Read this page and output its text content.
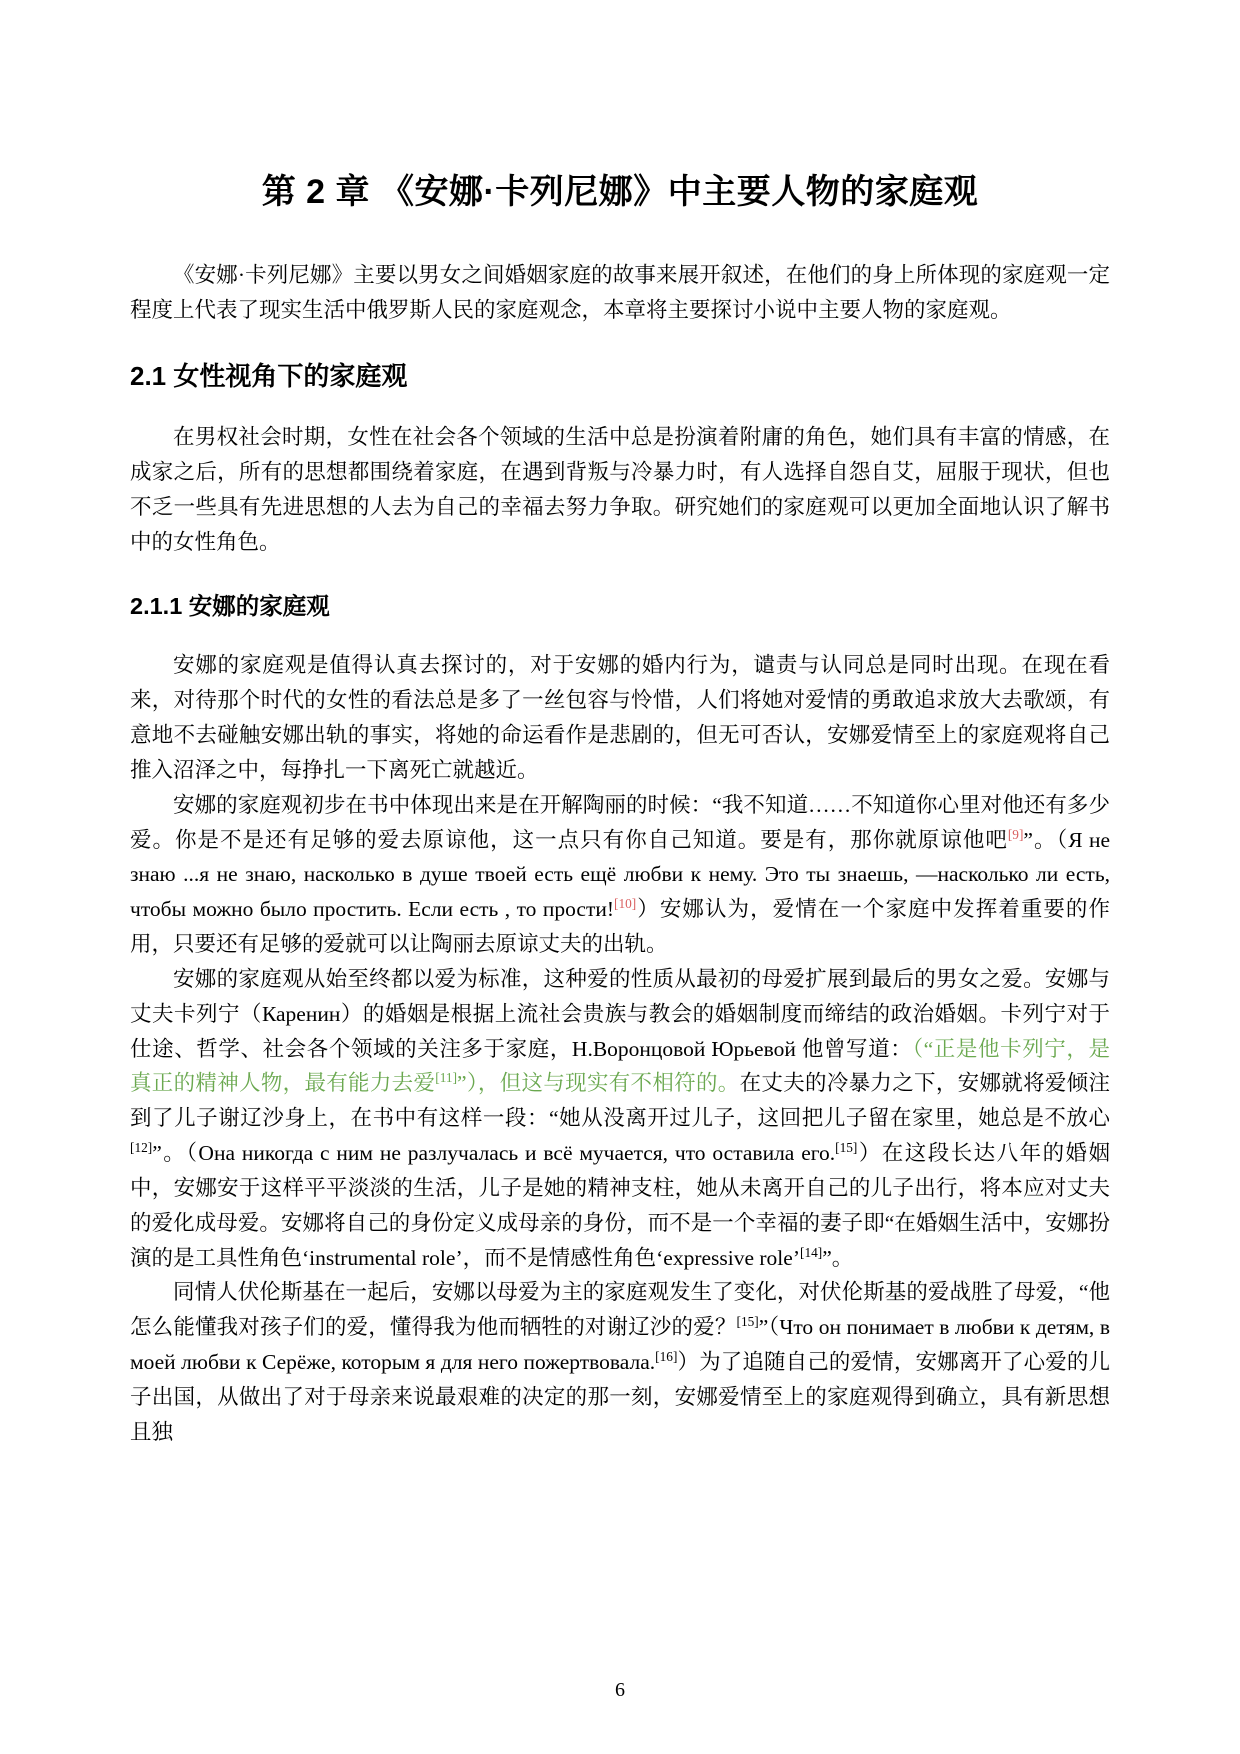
第 2 章 《安娜·卡列尼娜》中主要人物的家庭观

《安娜·卡列尼娜》主要以男女之间婚姻家庭的故事来展开叙述，在他们的身上所体现的家庭观一定程度上代表了现实生活中俄罗斯人民的家庭观念，本章将主要探讨小说中主要人物的家庭观。

2.1 女性视角下的家庭观

在男权社会时期，女性在社会各个领域的生活中总是扮演着附庸的角色，她们具有丰富的情感，在成家之后，所有的思想都围绕着家庭，在遇到背叛与冷暴力时，有人选择自怨自艾，屈服于现状，但也不乏一些具有先进思想的人去为自己的幸福去努力争取。研究她们的家庭观可以更加全面地认识了解书中的女性角色。

2.1.1 安娜的家庭观

安娜的家庭观是值得认真去探讨的，对于安娜的婚内行为，谴责与认同总是同时出现。在现在看来，对待那个时代的女性的看法总是多了一丝包容与怜惜，人们将她对爱情的勇敢追求放大去歌颂，有意地不去碰触安娜出轨的事实，将她的命运看作是悲剧的，但无可否认，安娜爱情至上的家庭观将自己推入沼泽之中，每挣扎一下离死亡就越近。

安娜的家庭观初步在书中体现出来是在开解陶丽的时候：“我不知道……不知道你心里对他还有多少爱。你是不是还有足够的爱去原谅他，这一点只有你自己知道。要是有，那你就原谅他吧[9]”。（Я не знаю ...я не знаю, насколько в душе твоей есть ещё любви к нему. Это ты знаешь, —насколько ли есть, чтобы можно было простить. Если есть , то прости![10]）安娜认为，爱情在一个家庭中发挥着重要的作用，只要还有足够的爱就可以让陶丽去原谅丈夫的出轨。

安娜的家庭观从始至终都以爱为标准，这种爱的性质从最初的母爱扩展到最后的男女之爱。安娜与丈夫卡列宁（Каренин）的婚姻是根据上流社会贵族与教会的婚姻制度而缔结的政治婚姻。卡列宁对于仕途、哲学、社会各个领域的关注多于家庭，Н.Воронцовой Юрьевой 他曾写道：（“正是他卡列宁，是真正的精神人物，最有能力去爱[11]”），但这与现实有不相符的。在丈夫的冷暴力之下，安娜就将爱倾注到了儿子谢辽沙身上，在书中有这样一段：“她从没离开过儿子，这回把儿子留在家里，她总是不放心[12]”。（Она никогда с ним не разлучалась и всё мучается, что оставила его.[15]）在这段长达八年的婚姻中，安娜安于这样平平淡淡的生活，儿子是她的精神支柱，她从未离开自己的儿子出行，将本应对丈夫的爱化成母爱。安娜将自己的身份定义成母亲的身份，而不是一个幸福的妻子即“在婚姻生活中，安娜扮演的是工具性角色‘instrumental role’，而不是情感性角色‘expressive role’[14]”。

同情人伏伦斯基在一起后，安娜以母爱为主的家庭观发生了变化，对伏伦斯基的爱战胜了母爱，“他怎么能懂我对孩子们的爱，懂得我为他而牺牲的对谢辽沙的爱？[15]”（Что он понимает в любви к детям, в моей любви к Серёже, которым я для него пожертвовала.[16]）为了追随自己的爱情，安娜离开了心爱的儿子出国，从做出了对于母亲来说最艰难的决定的那一刻，安娜爱情至上的家庭观得到确立，具有新思想且独

6
